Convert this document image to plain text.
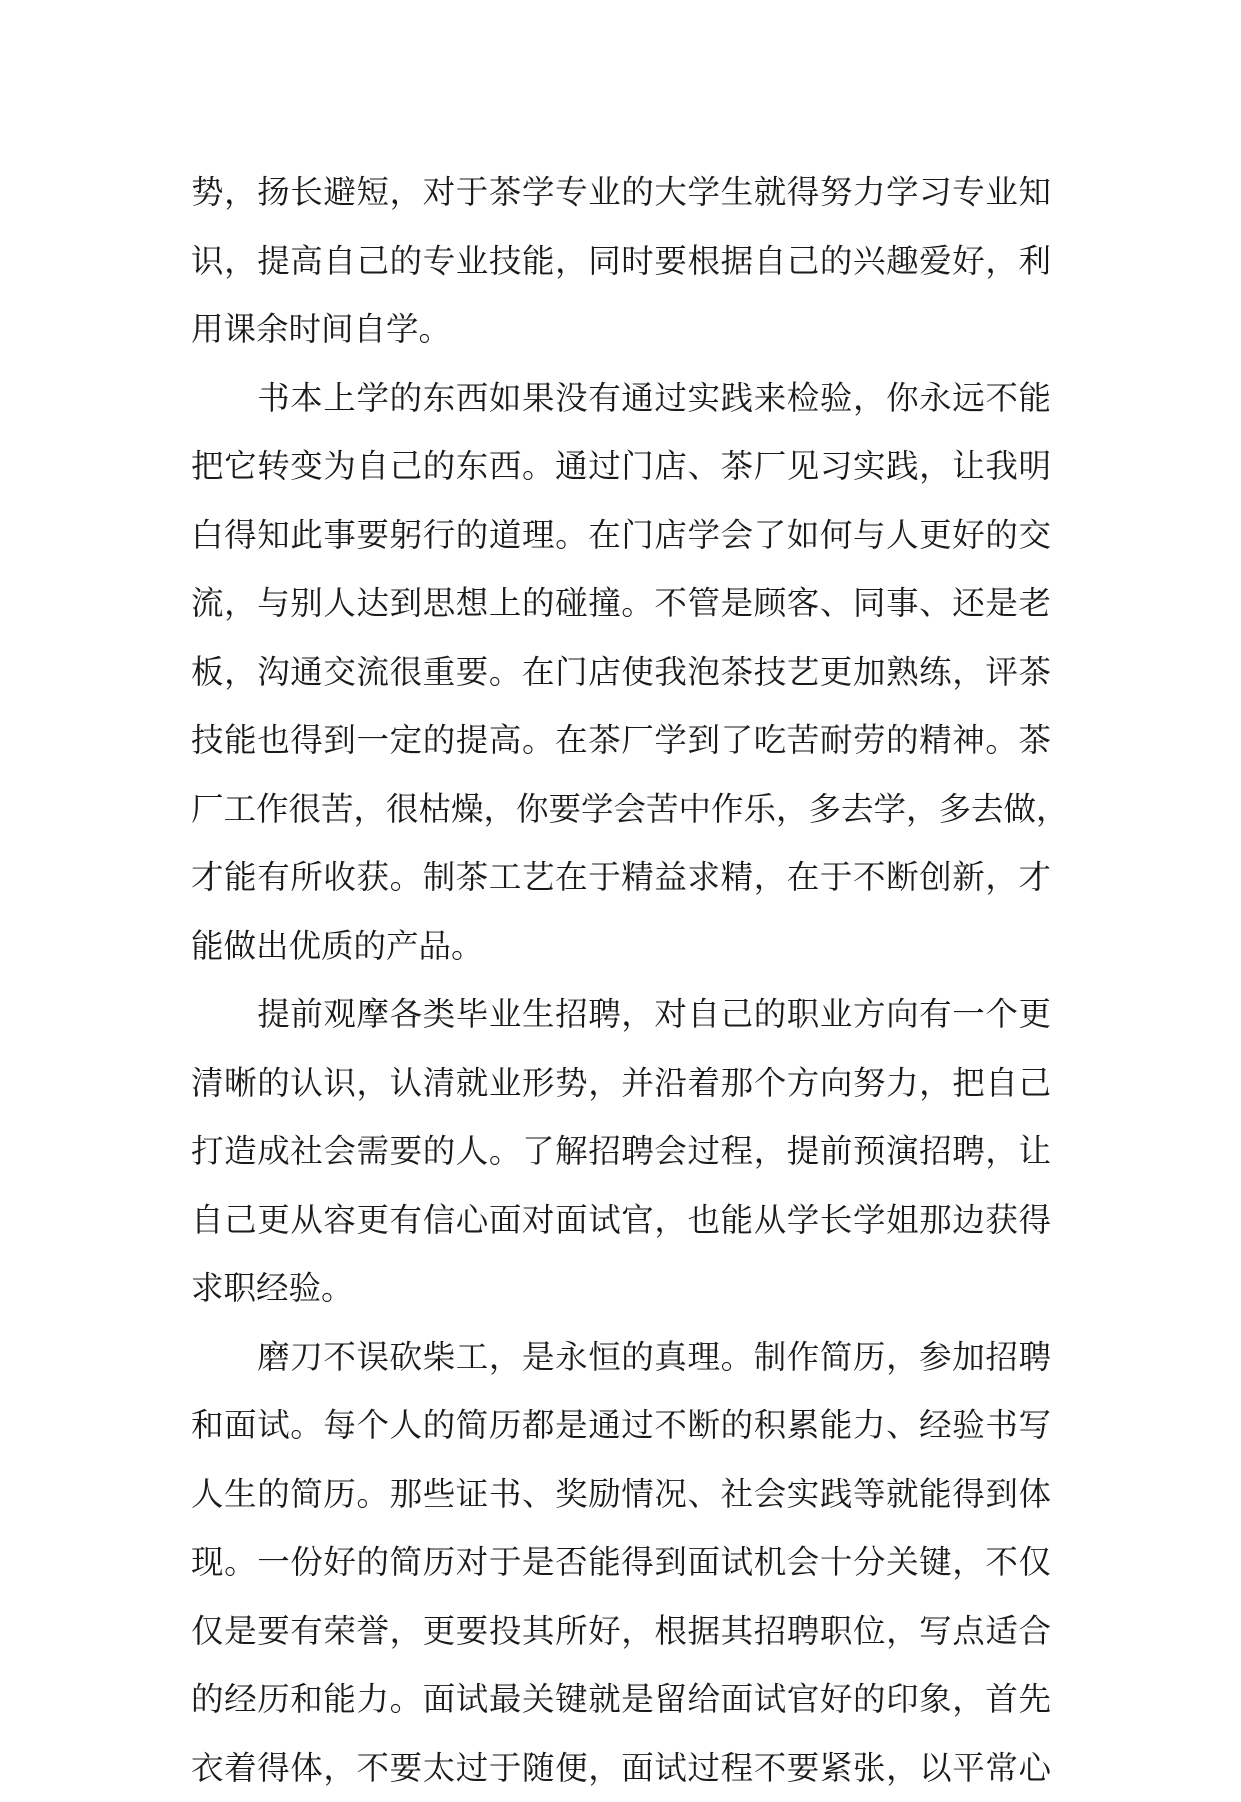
势，扬长避短，对于茶学专业的大学生就得努力学习专业知
识，提高自己的专业技能，同时要根据自己的兴趣爱好，利
用课余时间自学。

　　书本上学的东西如果没有通过实践来检验，你永远不能
把它转变为自己的东西。通过门店、茶厂见习实践，让我明
白得知此事要躬行的道理。在门店学会了如何与人更好的交
流，与别人达到思想上的碰撞。不管是顾客、同事、还是老
板，沟通交流很重要。在门店使我泡茶技艺更加熟练，评茶
技能也得到一定的提高。在茶厂学到了吃苦耐劳的精神。茶
厂工作很苦，很枯燥，你要学会苦中作乐，多去学，多去做，
才能有所收获。制茶工艺在于精益求精，在于不断创新，才
能做出优质的产品。

　　提前观摩各类毕业生招聘，对自己的职业方向有一个更
清晰的认识，认清就业形势，并沿着那个方向努力，把自己
打造成社会需要的人。了解招聘会过程，提前预演招聘，让
自己更从容更有信心面对面试官，也能从学长学姐那边获得
求职经验。

　　磨刀不误砍柴工，是永恒的真理。制作简历，参加招聘
和面试。每个人的简历都是通过不断的积累能力、经验书写
人生的简历。那些证书、奖励情况、社会实践等就能得到体
现。一份好的简历对于是否能得到面试机会十分关键，不仅
仅是要有荣誉，更要投其所好，根据其招聘职位，写点适合
的经历和能力。面试最关键就是留给面试官好的印象，首先
衣着得体，不要太过于随便，面试过程不要紧张，以平常心
